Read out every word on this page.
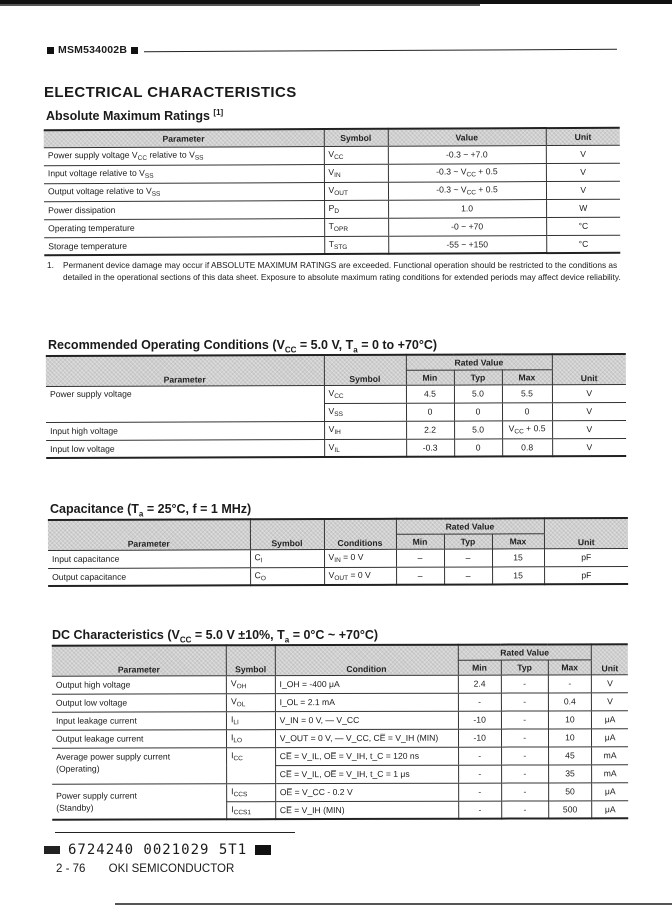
MSM534002B
ELECTRICAL CHARACTERISTICS
Absolute Maximum Ratings [1]
Parameter	Symbol	Value	Unit
Power supply voltage $V_{CC}$ relative to $V_{SS}$	$V_{CC}$	-0.3 ~ +7.0	V
Input voltage relative to $V_{SS}$	$V_{IN}$	-0.3 ~ $V_{CC} + 0.5$	V
Output voltage relative to $V_{SS}$	$V_{OUT}$	-0.3 ~ $V_{CC} + 0.5$	V
Power dissipation	$P_D$	1.0	W
Operating temperature	$T_{OPR}$	-0 ~ +70	°C
Storage temperature	$T_{STG}$	-55 ~ +150	°C
1.	Permanent device damage may occur if ABSOLUTE MAXIMUM RATINGS are exceeded. Functional operation should be restricted to the conditions as detailed in the operational sections of this data sheet. Exposure to absolute maximum rating conditions for extended periods may affect device reliability.
Recommended Operating Conditions ($V_{CC} = 5.0$ V, $T_a = 0$ to +70°C)
Parameter	Symbol	Rated Value			Unit
		Min	Typ	Max	
Power supply voltage	$V_{CC}$	4.5	5.0	5.5	V
	$V_{SS}$	0	0	0	V
Input high voltage	$V_{IH}$	2.2	5.0	$V_{CC} + 0.5$	V
Input low voltage	$V_{IL}$	-0.3	0	0.8	V
Capacitance ($T_a = 25^\circ C$, f = 1 MHz)
Parameter	Symbol	Conditions	Rated Value			Unit
			Min	Typ	Max	
Input capacitance	$C_I$	$V_{IN} = 0$ V	–	–	15	pF
Output capacitance	$C_O$	$V_{OUT} = 0$ V	–	–	15	pF
DC Characteristics ($V_{CC} = 5.0$ V ±10%, $T_a = 0^\circ C$ ~ +70°C)
Parameter	Symbol	Condition	Rated Value			Unit
			Min	Typ	Max	
Output high voltage	$V_{OH}$	I_OH = -400 μA	2.4	-	-	V
Output low voltage	$V_{OL}$	I_OL = 2.1 mA	-	-	0.4	V
Input leakage current	$I_{LI}$	V_IN = 0 V, — V_CC	-10	-	10	μA
Output leakage current	$I_{LO}$	V_OUT = 0 V, — V_CC, CE̅ = V_IH (MIN)	-10	-	10	μA

Average power supply current
(Operating)	$I_{CC}$	CE̅ = V_IL, OE̅ = V_IH, t_C = 120 ns	-	-	45	mA
		CE̅ = V_IL, OE̅ = V_IH, t_C = 1 μs	-	-	35	mA

Power supply current
(Standby)	$I_{CCS}$	OE̅ = V_CC - 0.2 V	-	-	50	μA
	$I_{CCS1}$	CE̅ = V_IH (MIN)	-	-	500	μA
6724240 0021029 5T1
2 - 76 OKI SEMICONDUCTOR
